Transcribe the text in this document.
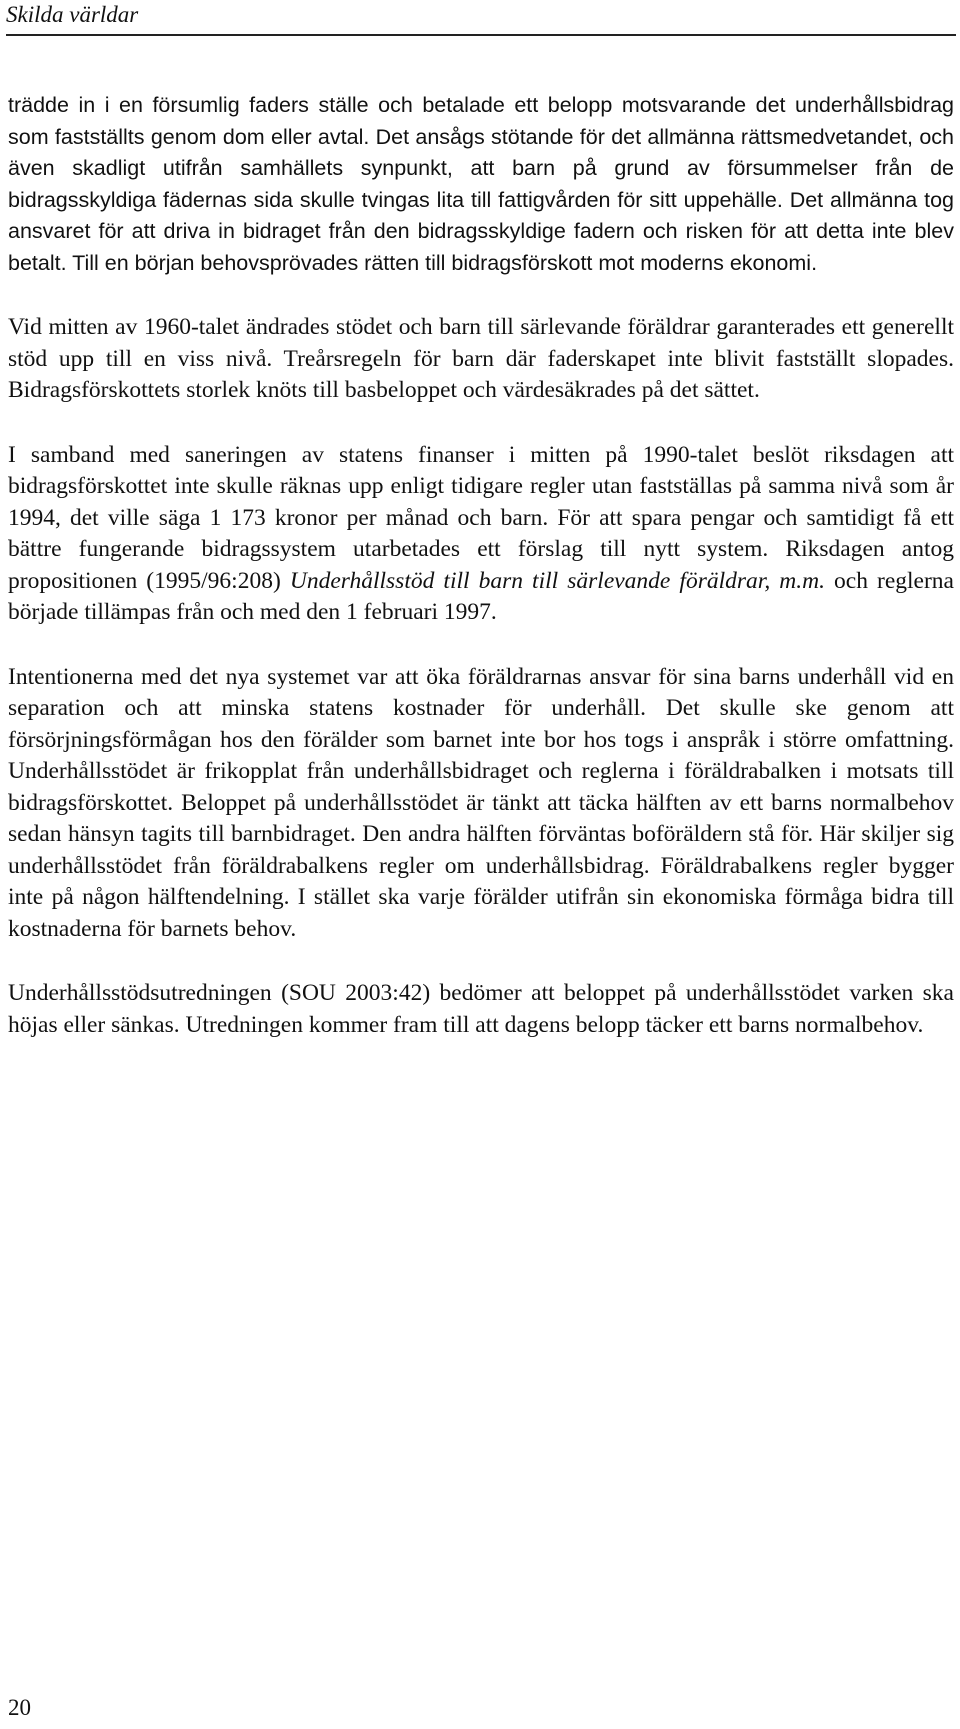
Skilda världar

trädde in i en försumlig faders ställe och betalade ett belopp motsvarande det underhållsbidrag som fastställts genom dom eller avtal. Det ansågs stötande för det allmänna rättsmedvetandet, och även skadligt utifrån samhällets synpunkt, att barn på grund av försummelser från de bidragsskyldiga fädernas sida skulle tvingas lita till fattigvården för sitt uppehälle. Det allmänna tog ansvaret för att driva in bidraget från den bidragsskyldige fadern och risken för att detta inte blev betalt. Till en början behovsprövades rätten till bidragsförskott mot moderns ekonomi.

Vid mitten av 1960-talet ändrades stödet och barn till särlevande föräldrar garanterades ett generellt stöd upp till en viss nivå. Treårsregeln för barn där faderskapet inte blivit fastställt slopades. Bidragsförskottets storlek knöts till basbeloppet och värdesäkrades på det sättet.

I samband med saneringen av statens finanser i mitten på 1990-talet beslöt riksdagen att bidragsförskottet inte skulle räknas upp enligt tidigare regler utan fastställas på samma nivå som år 1994, det ville säga 1 173 kronor per månad och barn. För att spara pengar och samtidigt få ett bättre fungerande bidragssystem utarbetades ett förslag till nytt system. Riksdagen antog propositionen (1995/96:208) Underhållsstöd till barn till särlevande föräldrar, m.m. och reglerna började tillämpas från och med den 1 februari 1997.

Intentionerna med det nya systemet var att öka föräldrarnas ansvar för sina barns underhåll vid en separation och att minska statens kostnader för underhåll. Det skulle ske genom att försörjningsförmågan hos den förälder som barnet inte bor hos togs i anspråk i större omfattning. Underhållsstödet är frikopplat från underhållsbidraget och reglerna i föräldrabalken i motsats till bidragsförskottet. Beloppet på underhållsstödet är tänkt att täcka hälften av ett barns normalbehov sedan hänsyn tagits till barnbidraget. Den andra hälften förväntas boföräldern stå för. Här skiljer sig underhållsstödet från föräldrabalkens regler om underhållsbidrag. Föräldrabalkens regler bygger inte på någon hälftendelning. I stället ska varje förälder utifrån sin ekonomiska förmåga bidra till kostnaderna för barnets behov.

Underhållsstödsutredningen (SOU 2003:42) bedömer att beloppet på underhållsstödet varken ska höjas eller sänkas. Utredningen kommer fram till att dagens belopp täcker ett barns normalbehov.

20
